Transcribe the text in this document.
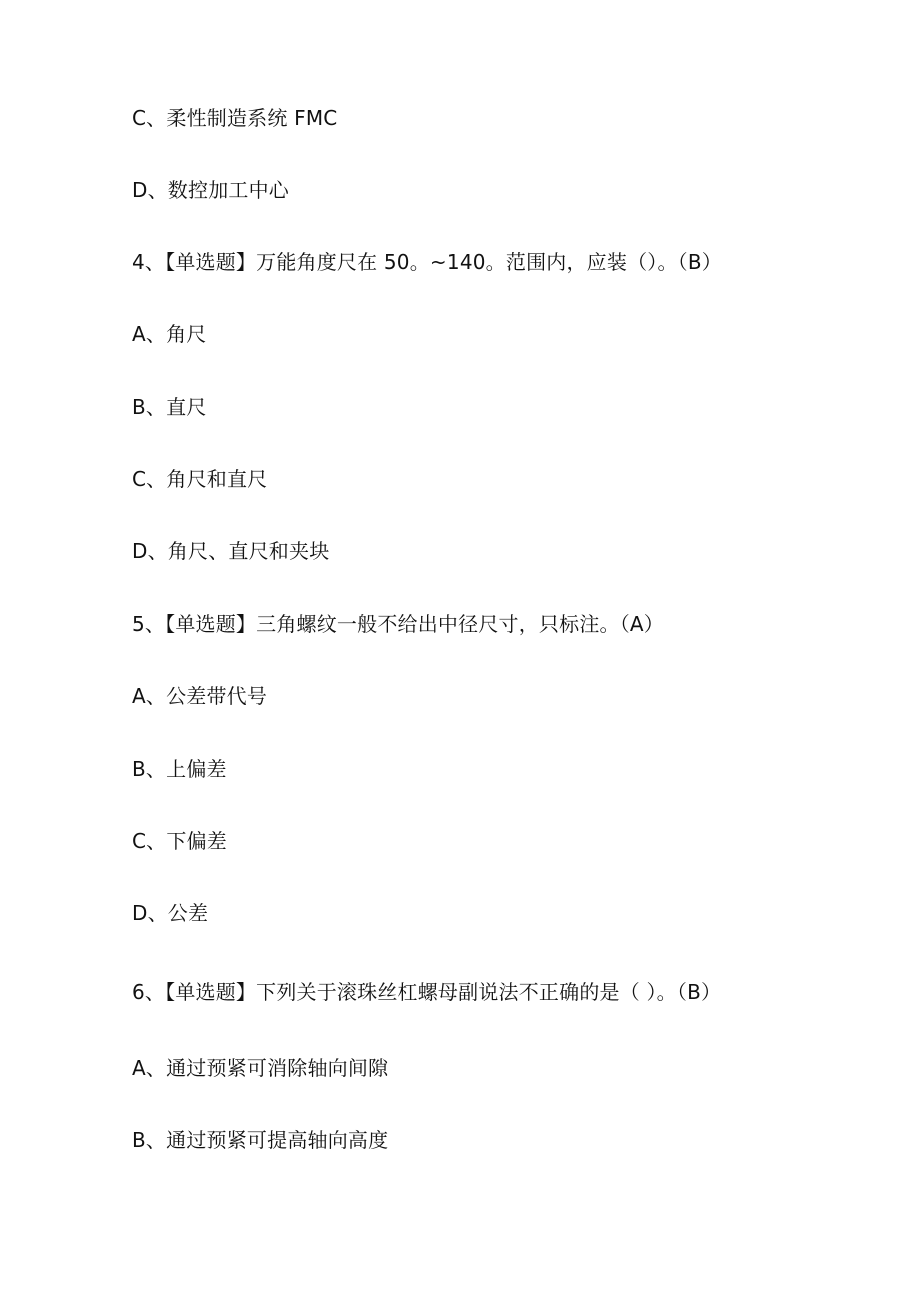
C、柔性制造系统 FMC
D、数控加工中心
4、【单选题】万能角度尺在 50。~140。范围内，应装（）。（B）
A、角尺
B、直尺
C、角尺和直尺
D、角尺、直尺和夹块
5、【单选题】三角螺纹一般不给出中径尺寸，只标注。（A）
A、公差带代号
B、上偏差
C、下偏差
D、公差
6、【单选题】下列关于滚珠丝杠螺母副说法不正确的是（ ）。（B）
A、通过预紧可消除轴向间隙
B、通过预紧可提高轴向高度
